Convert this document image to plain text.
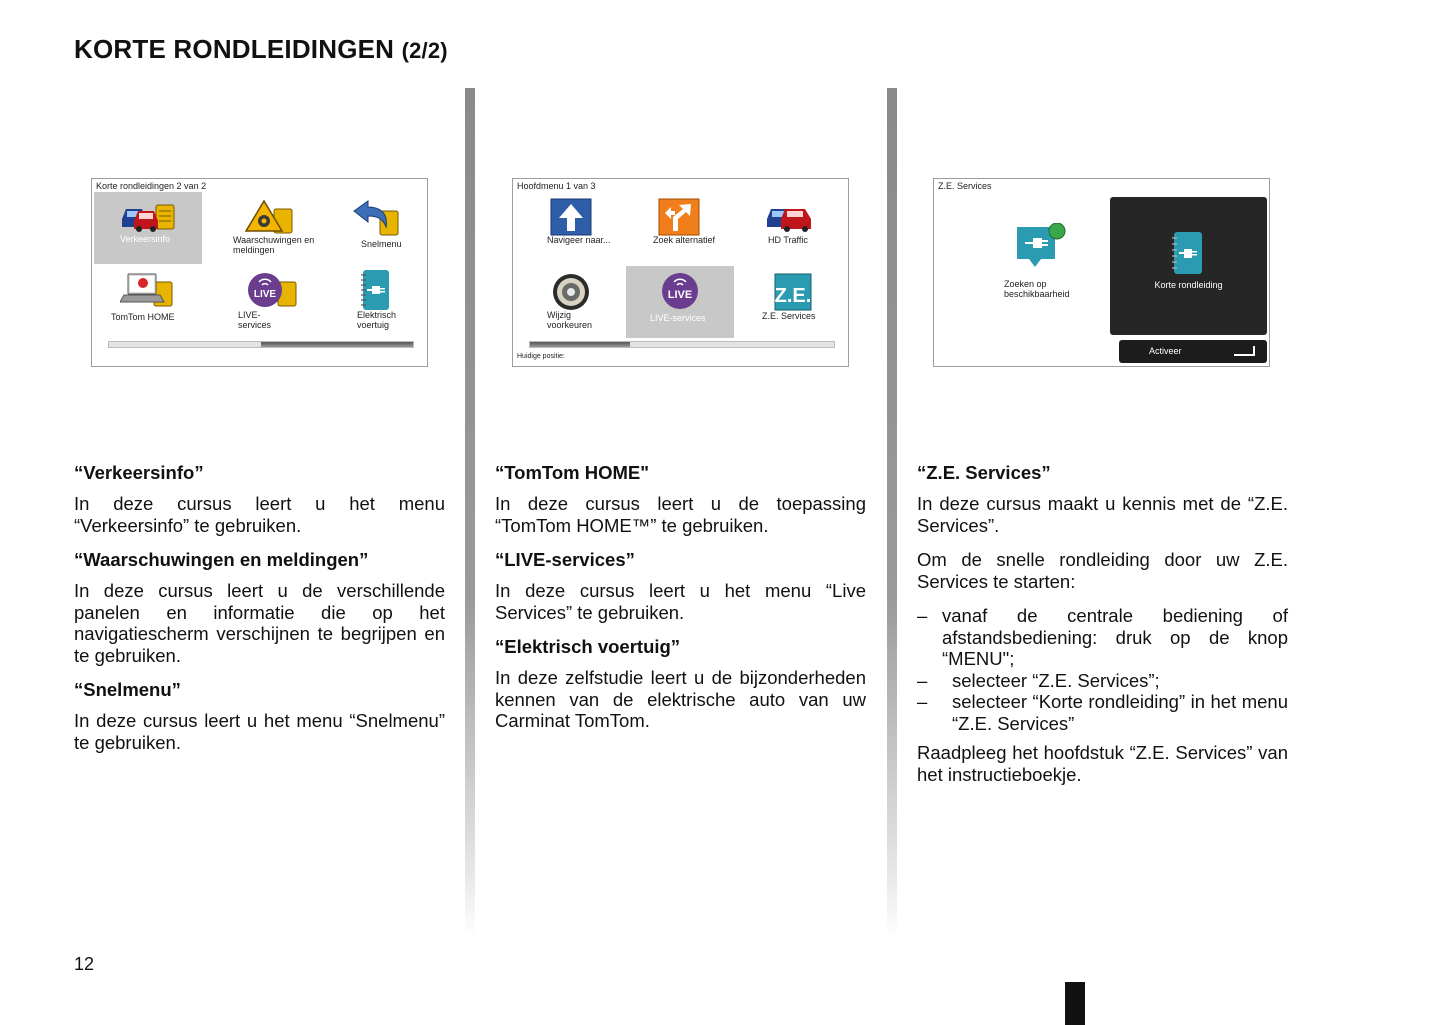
KORTE RONDLEIDINGEN (2/2)
Korte rondleidingen 2 van 2
Verkeersinfo	Waarschuwingen en meldingen
Snelmenu
TomTom HOME
LIVE
LIVE-services
Elektrisch voertuig
Hoofdmenu 1 van 3
Navigeer naar...	Zoek alternatief	HD Traffic
Wijzig voorkeuren
LIVE
LIVE-services
Z.E.
Z.E. Services
Huidige positie:
Z.E. Services
Zoeken op beschikbaarheid
Korte rondleiding
Activeer
“Verkeersinfo”

In deze cursus leert u het menu “Verkeersinfo” te gebruiken.

“Waarschuwingen en meldingen”

In deze cursus leert u de verschillende panelen en informatie die op het navigatiescherm verschijnen te begrijpen en te gebruiken.

“Snelmenu”

In deze cursus leert u het menu “Snelmenu” te gebruiken.

“TomTom HOME"

In deze cursus leert u de toepassing “TomTom HOME™” te gebruiken.

“LIVE-services”

In deze cursus leert u het menu “Live Services” te gebruiken.

“Elektrisch voertuig”

In deze zelfstudie leert u de bijzonderheden kennen van de elektrische auto van uw Carminat TomTom.

“Z.E. Services”

In deze cursus maakt u kennis met de “Z.E. Services”.

Om de snelle rondleiding door uw Z.E. Services te starten:

– vanaf de centrale bediening of afstandsbediening: druk op de knop “MENU";
– selecteer “Z.E. Services”;
– selecteer “Korte rondleiding” in het menu “Z.E. Services”

Raadpleeg het hoofdstuk “Z.E. Services” van het instructieboekje.

12
